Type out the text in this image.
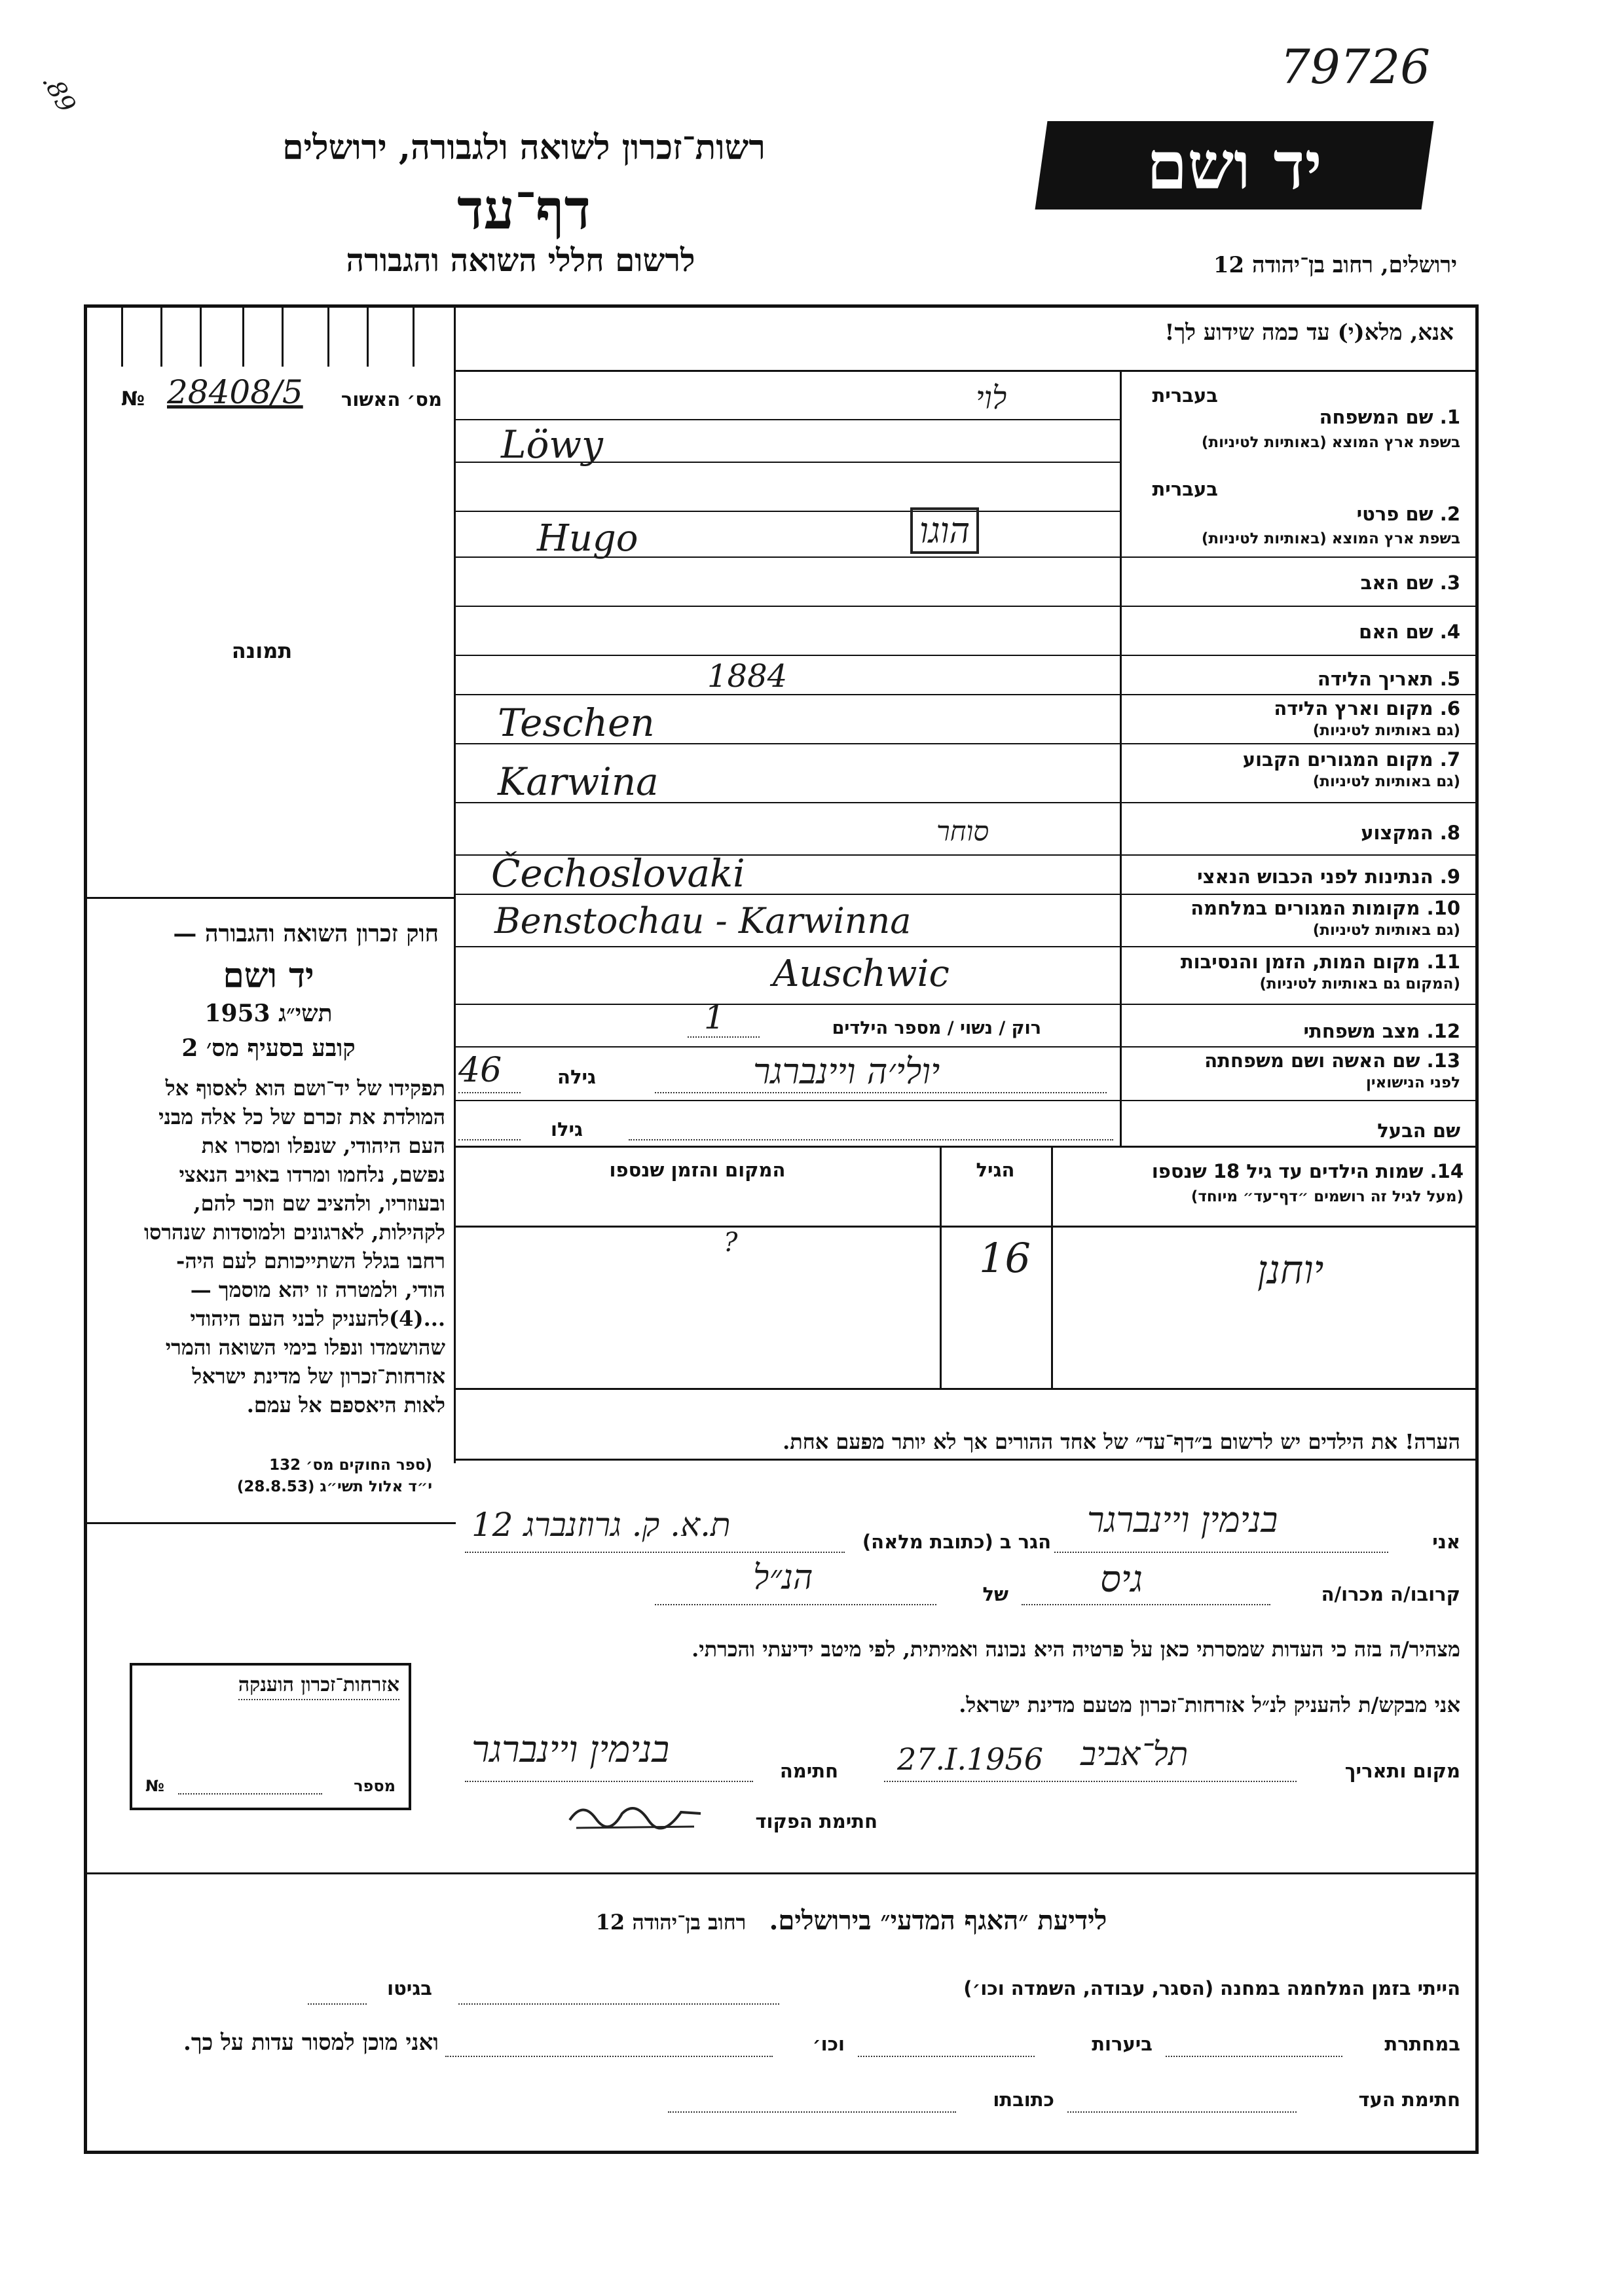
.89	79726
רשות־זכרון לשואה ולגבורה, ירושלים
דף־עד
לרשום חללי השואה והגבורה
יד ושם
ירושלים, רחוב בן־יהודה 12
מס׳ האשור
№ 28408/5
תמונה
חוק זכרון השואה והגבורה —
יד ושם
1953 תשי״ג
קובע בסעיף מס׳ 2
תפקידו של יד־ושם הוא לאסוף אל
המולדת את זכרם של כל אלה מבני
העם היהודי, שנפלו ומסרו את
נפשם, נלחמו ומרדו באויב הנאצי
ובעוזריו, ולהציב שם וזכר להם,
לקהילות, לארגונים ולמוסדות שנהרסו
רחבו בגלל השתייכותם לעם היה-
הודי, ולמטרה זו יהא מוסמך —
...(4)להעניק לבני העם היהודי
שהושמדו ונפלו בימי השואה והמרי
אזרחות־זכרון של מדינת ישראל
לאות היאספם אל עמם.
(ספר החוקים מס׳ 132
י״ד אלול תשי״ג (28.8.53)
אזרחות־זכרון הוענקה
מספר
№
אנא, מלא(י) עד כמה שידוע לך!
בעברית
1. שם המשפחה
בשפת ארץ המוצא (באותיות לטיניות)
בעברית
2. שם פרטי
בשפת ארץ המוצא (באותיות לטיניות)
3. שם האב
4. שם האם
5. תאריך הלידה
6. מקום וארץ הלידה
(גם באותיות לטיניות)
7. מקום המגורים הקבוע
(גם באותיות לטיניות)
8. המקצוע
9. הנתינות לפני הכבוש הנאצי
10. מקומות המגורים במלחמה
(גם באותיות לטיניות)
11. מקום המות, הזמן והנסיבות
(המקום גם באותיות לטיניות)
12. מצב משפחתי
13. שם האשה ושם משפחתה
לפני הנישואין
שם הבעל
לוי
Löwy
הוגו
Hugo
1884
Teschen
Karwina
סוחר
Čechoslovaki
Benstochau - Karwinna
Auschwic
רוק / נשוי / מספר הילדים
1
יולי׳ה ויינברגר
גילה
46
גילו
14. שמות הילדים עד גיל 18 שנספו
(מעל לגיל זה רושמים ״דף־עד״ מיוחד)
הגיל
המקום והזמן שנספו
יוחנן
16
?
הערה! את הילדים יש לרשום ב״דף־עד״ של אחד ההורים אך לא יותר מפעם אחת.
אני
בנימין ויינברגר
הגר ב (כתובת מלאה)
ת.א. ק. גרוזנברג 12
קרובו/ה מכרו/ה
גיס
של
הנ״ל
מצהיר/ה בזה כי העדות שמסרתי כאן על פרטיה היא נכונה ואמיתית, לפי מיטב ידיעתי והכרתי.
אני מבקש/ת להעניק לנ״ל אזרחות־זכרון מטעם מדינת ישראל.
מקום ותאריך
תל־אביב
27.I.1956
חתימה
בנימין ויינברגר
חתימת הפקוד
רחוב בן־יהודה 12 לידיעת ״האגף המדעי״ בירושלים.
הייתי בזמן המלחמה במחנה (הסגר, עבודה, השמדה וכו׳)
בגיטו
במחתרת
ביערות
וכו׳
ואני מוכן למסור עדות על כך.
חתימת העד
כתובתו
